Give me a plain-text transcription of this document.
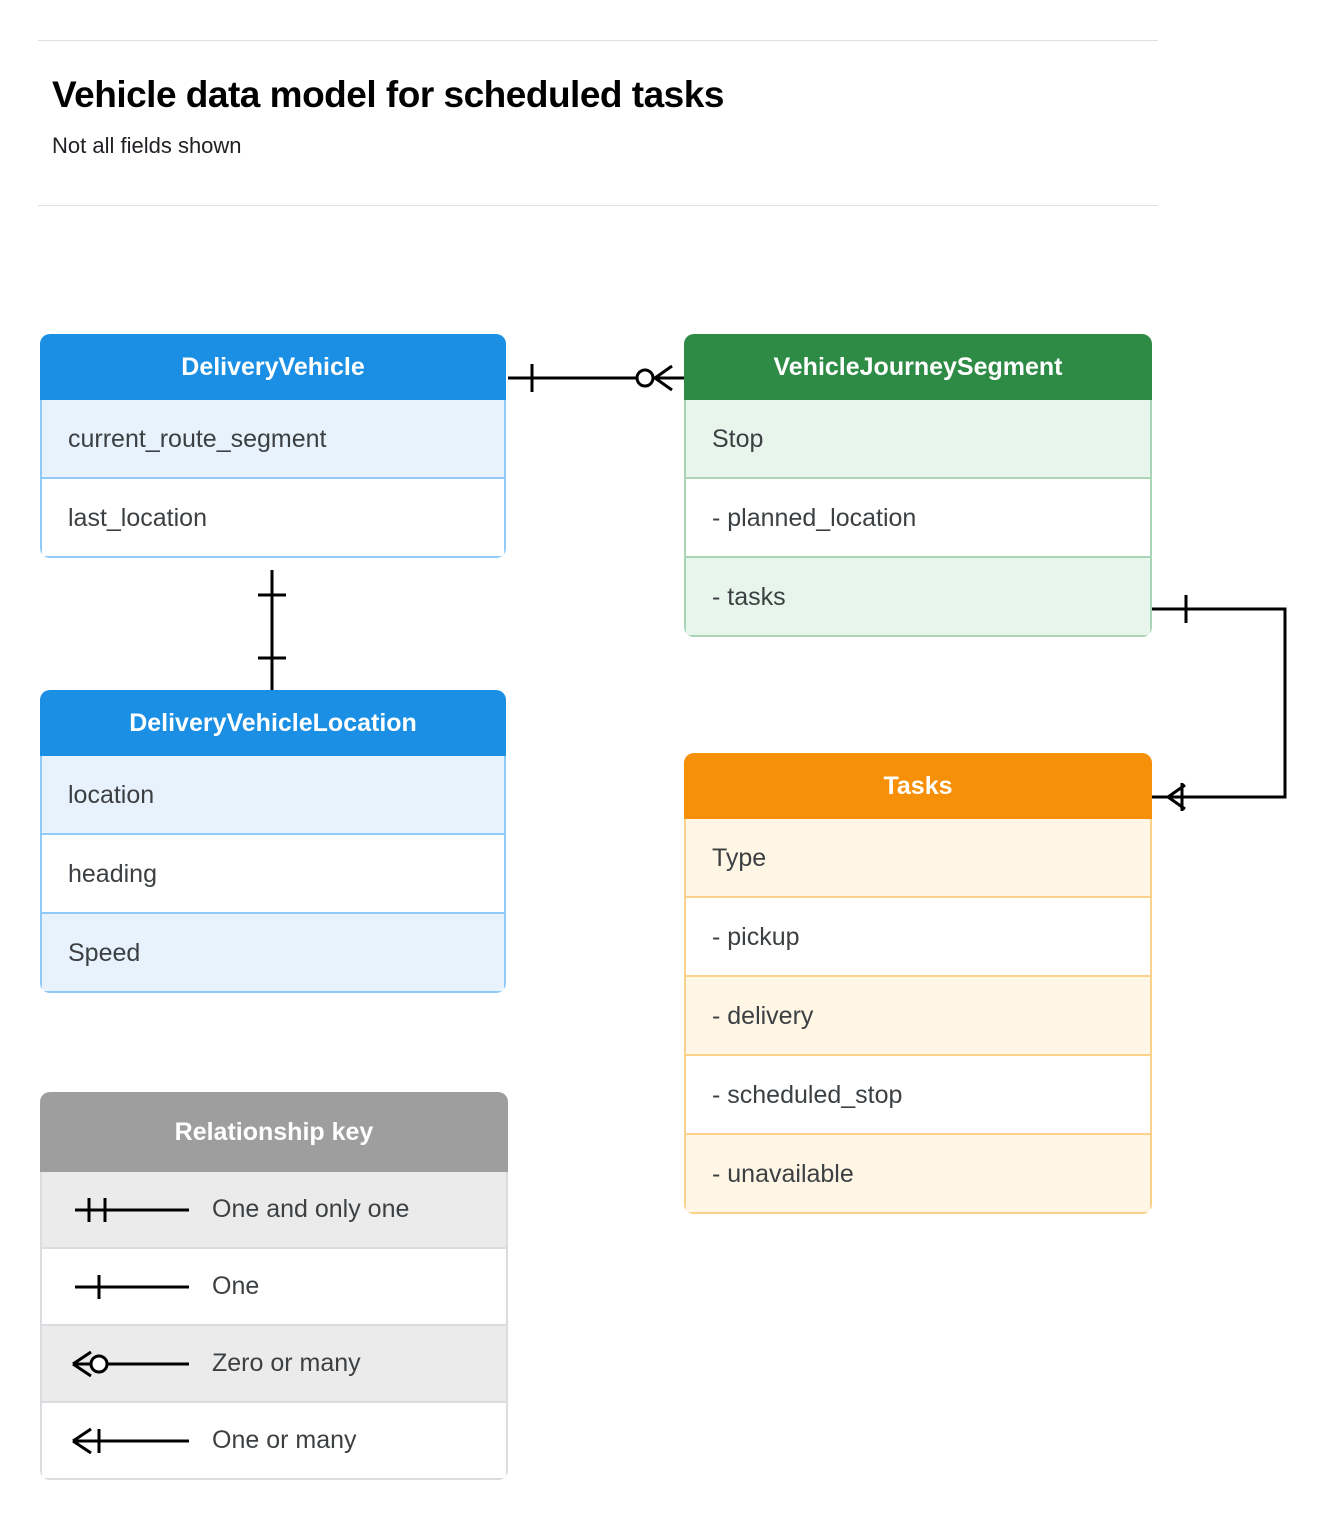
Vehicle data model for scheduled tasks
Not all fields shown
DeliveryVehicle
current_route_segment
last_location
VehicleJourneySegment
Stop
- planned_location
- tasks
DeliveryVehicleLocation
location
heading
Speed
Tasks
Type
- pickup
- delivery
- scheduled_stop
- unavailable
Relationship key
One and only one
One
Zero or many
One or many
